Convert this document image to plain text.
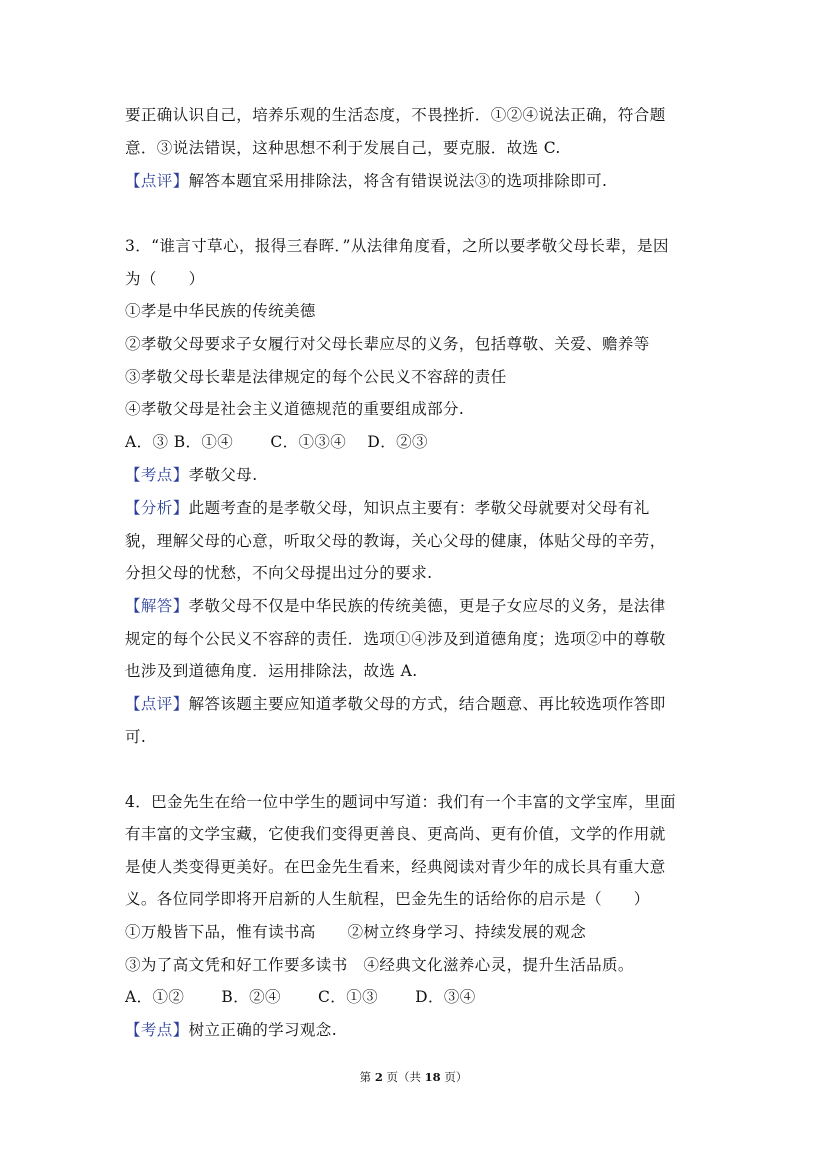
要正确认识自己，培养乐观的生活态度，不畏挫折．①②④说法正确，符合题
意．③说法错误，这种思想不利于发展自己，要克服．故选 C.
【点评】解答本题宜采用排除法，将含有错误说法③的选项排除即可.
3．“谁言寸草心，报得三春晖．”从法律角度看，之所以要孝敬父母长辈，是因
为（　　）
①孝是中华民族的传统美德
②孝敬父母要求子女履行对父母长辈应尽的义务，包括尊敬、关爱、赡养等
③孝敬父母长辈是法律规定的每个公民义不容辞的责任
④孝敬父母是社会主义道德规范的重要组成部分.
A．③ B．①④　　 C．①③④　 D．②③
【考点】孝敬父母.
【分析】此题考查的是孝敬父母，知识点主要有：孝敬父母就要对父母有礼
貌，理解父母的心意，听取父母的教诲，关心父母的健康，体贴父母的辛劳，
分担父母的忧愁，不向父母提出过分的要求.
【解答】孝敬父母不仅是中华民族的传统美德，更是子女应尽的义务，是法律
规定的每个公民义不容辞的责任．选项①④涉及到道德角度；选项②中的尊敬
也涉及到道德角度．运用排除法，故选 A.
【点评】解答该题主要应知道孝敬父母的方式，结合题意、再比较选项作答即
可.
4．巴金先生在给一位中学生的题词中写道：我们有一个丰富的文学宝库，里面
有丰富的文学宝藏，它使我们变得更善良、更高尚、更有价值，文学的作用就
是使人类变得更美好。在巴金先生看来，经典阅读对青少年的成长具有重大意
义。各位同学即将开启新的人生航程，巴金先生的话给你的启示是（　　）
①万般皆下品，惟有读书高　　②树立终身学习、持续发展的观念
③为了高文凭和好工作要多读书　④经典文化滋养心灵，提升生活品质。
A．①②　　 B．②④　　 C．①③　　 D．③④
【考点】树立正确的学习观念.
第 2 页（共 18 页）
